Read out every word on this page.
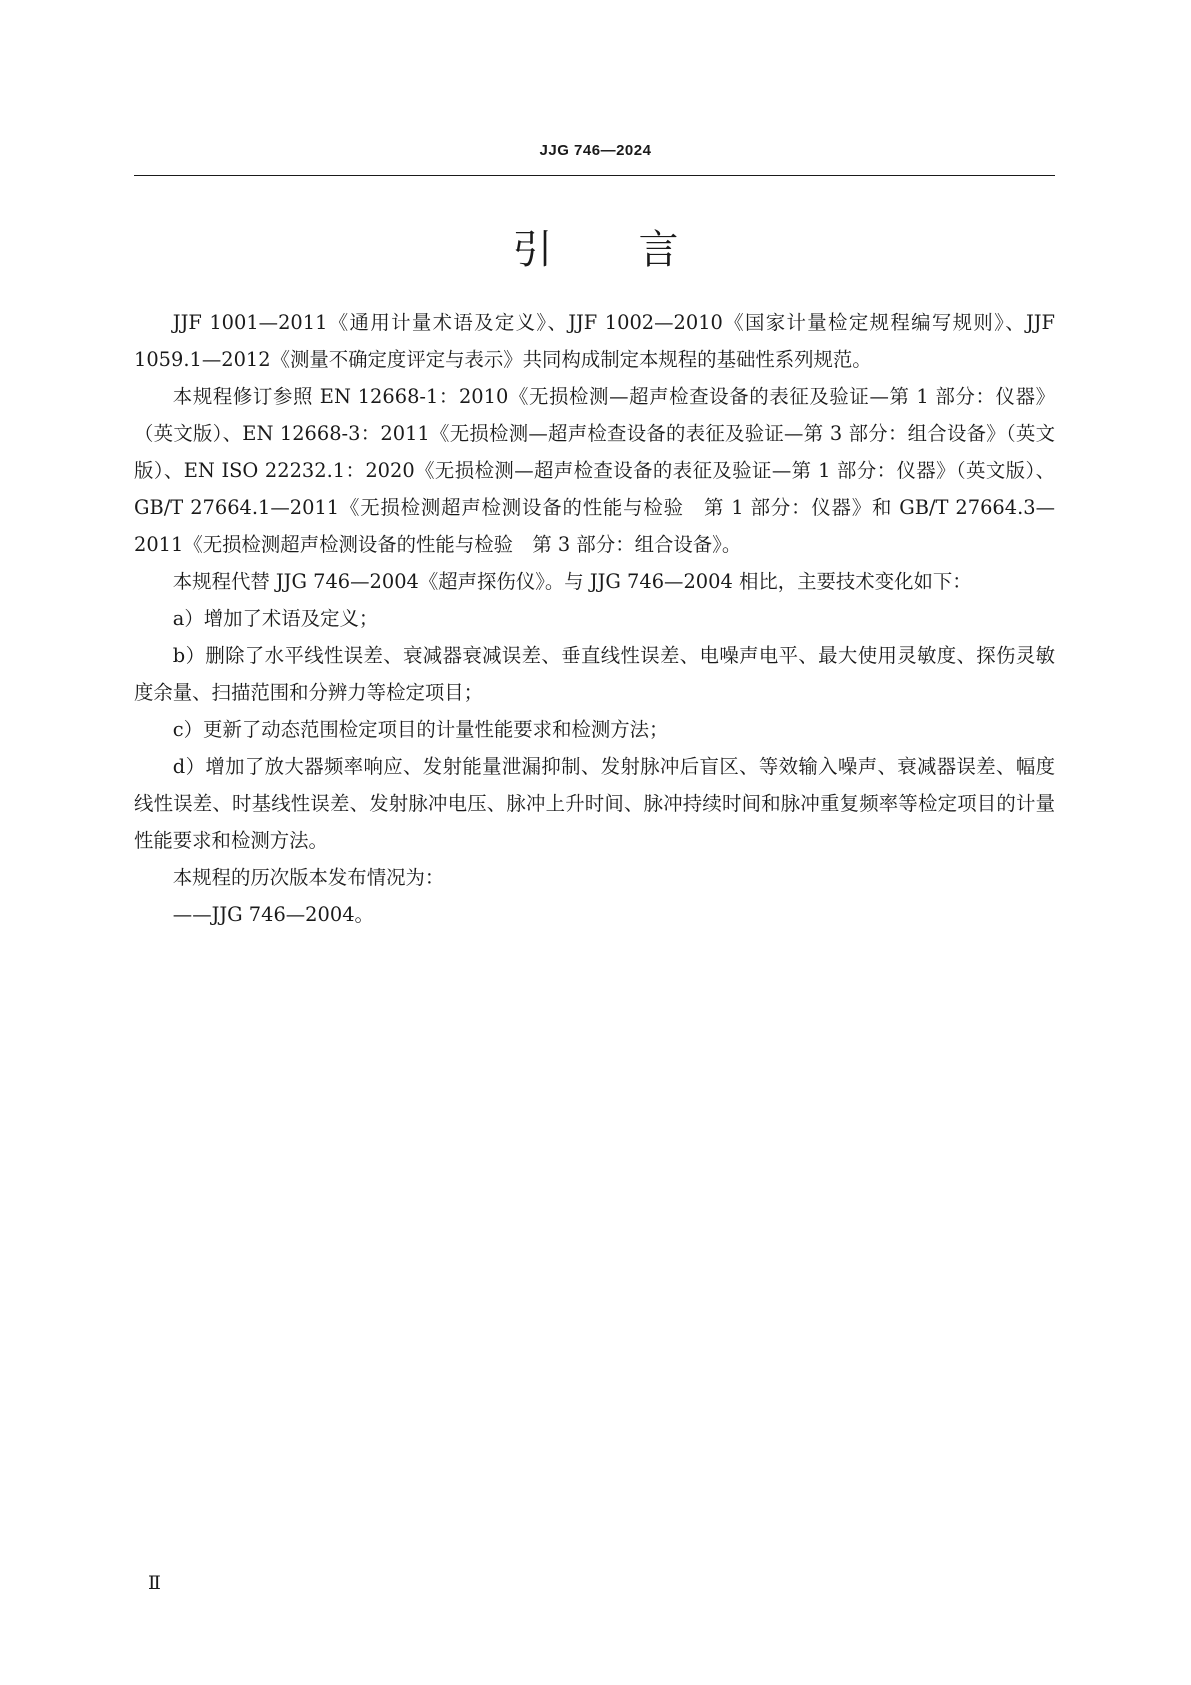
JJG 746—2024
引 言

JJF 1001—2011《通用计量术语及定义》、JJF 1002—2010《国家计量检定规程编写规则》、JJF 1059.1—2012《测量不确定度评定与表示》共同构成制定本规程的基础性系列规范。

本规程修订参照 EN 12668-1：2010《无损检测—超声检查设备的表征及验证—第 1 部分：仪器》（英文版）、EN 12668-3：2011《无损检测—超声检查设备的表征及验证—第 3 部分：组合设备》（英文版）、EN ISO 22232.1：2020《无损检测—超声检查设备的表征及验证—第 1 部分：仪器》（英文版）、GB/T 27664.1—2011《无损检测超声检测设备的性能与检验　第 1 部分：仪器》和 GB/T 27664.3—2011《无损检测超声检测设备的性能与检验　第 3 部分：组合设备》。

本规程代替 JJG 746—2004《超声探伤仪》。与 JJG 746—2004 相比，主要技术变化如下：

a）增加了术语及定义；

b）删除了水平线性误差、衰减器衰减误差、垂直线性误差、电噪声电平、最大使用灵敏度、探伤灵敏度余量、扫描范围和分辨力等检定项目；

c）更新了动态范围检定项目的计量性能要求和检测方法；

d）增加了放大器频率响应、发射能量泄漏抑制、发射脉冲后盲区、等效输入噪声、衰减器误差、幅度线性误差、时基线性误差、发射脉冲电压、脉冲上升时间、脉冲持续时间和脉冲重复频率等检定项目的计量性能要求和检测方法。

本规程的历次版本发布情况为：

——JJG 746—2004。

Ⅱ
